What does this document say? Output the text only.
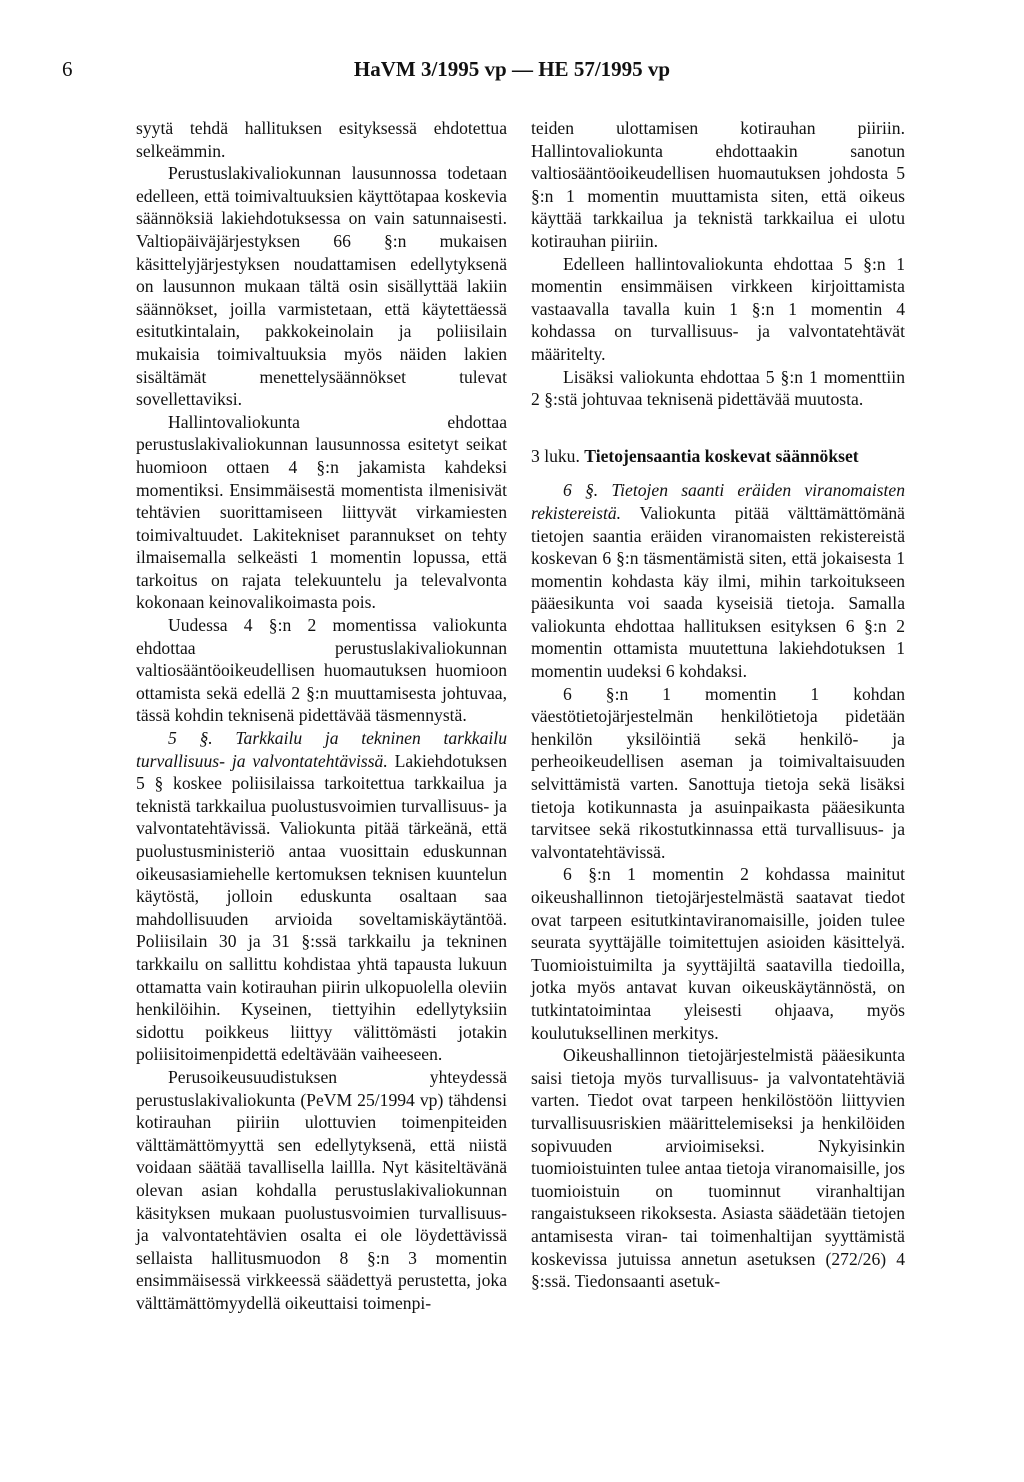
6	HaVM 3/1995 vp — HE 57/1995 vp

syytä tehdä hallituksen esityksessä ehdotettua selkeämmin.

Perustuslakivaliokunnan lausunnossa todetaan edelleen, että toimivaltuuksien käyttötapaa koskevia säännöksiä lakiehdotuksessa on vain satunnaisesti. Valtiopäiväjärjestyksen 66 §:n mukaisen käsittelyjärjestyksen noudattamisen edellytyksenä on lausunnon mukaan tältä osin sisällyttää lakiin säännökset, joilla varmistetaan, että käytettäessä esitutkintalain, pakkokeinolain ja poliisilain mukaisia toimivaltuuksia myös näiden lakien sisältämät menettelysäännökset tulevat sovellettaviksi.

Hallintovaliokunta ehdottaa perustuslakivaliokunnan lausunnossa esitetyt seikat huomioon ottaen 4 §:n jakamista kahdeksi momentiksi. Ensimmäisestä momentista ilmenisivät tehtävien suorittamiseen liittyvät virkamiesten toimivaltuudet. Lakitekniset parannukset on tehty ilmaisemalla selkeästi 1 momentin lopussa, että tarkoitus on rajata telekuuntelu ja televalvonta kokonaan keinovalikoimasta pois.

Uudessa 4 §:n 2 momentissa valiokunta ehdottaa perustuslakivaliokunnan valtiosääntöoikeudellisen huomautuksen huomioon ottamista sekä edellä 2 §:n muuttamisesta johtuvaa, tässä kohdin teknisenä pidettävää täsmennystä.

5 §. Tarkkailu ja tekninen tarkkailu turvallisuus- ja valvontatehtävissä. Lakiehdotuksen 5 § koskee poliisilaissa tarkoitettua tarkkailua ja teknistä tarkkailua puolustusvoimien turvallisuus- ja valvontatehtävissä. Valiokunta pitää tärkeänä, että puolustusministeriö antaa vuosittain eduskunnan oikeusasiamiehelle kertomuksen teknisen kuuntelun käytöstä, jolloin eduskunta osaltaan saa mahdollisuuden arvioida soveltamiskäytäntöä. Poliisilain 30 ja 31 §:ssä tarkkailu ja tekninen tarkkailu on sallittu kohdistaa yhtä tapausta lukuun ottamatta vain kotirauhan piirin ulkopuolella oleviin henkilöihin. Kyseinen, tiettyihin edellytyksiin sidottu poikkeus liittyy välittömästi jotakin poliisitoimenpidettä edeltävään vaiheeseen.

Perusoikeusuudistuksen yhteydessä perustuslakivaliokunta (PeVM 25/1994 vp) tähdensi kotirauhan piiriin ulottuvien toimenpiteiden välttämättömyyttä sen edellytyksenä, että niistä voidaan säätää tavallisella laillla. Nyt käsiteltävänä olevan asian kohdalla perustuslakivaliokunnan käsityksen mukaan puolustusvoimien turvallisuus- ja valvontatehtävien osalta ei ole löydettävissä sellaista hallitusmuodon 8 §:n 3 momentin ensimmäisessä virkkeessä säädettyä perustetta, joka välttämättömyydellä oikeuttaisi toimenpi-

teiden ulottamisen kotirauhan piiriin. Hallintovaliokunta ehdottaakin sanotun valtiosääntöoikeudellisen huomautuksen johdosta 5 §:n 1 momentin muuttamista siten, että oikeus käyttää tarkkailua ja teknistä tarkkailua ei ulotu kotirauhan piiriin.

Edelleen hallintovaliokunta ehdottaa 5 §:n 1 momentin ensimmäisen virkkeen kirjoittamista vastaavalla tavalla kuin 1 §:n 1 momentin 4 kohdassa on turvallisuus- ja valvontatehtävät määritelty.

Lisäksi valiokunta ehdottaa 5 §:n 1 momenttiin 2 §:stä johtuvaa teknisenä pidettävää muutosta.

3 luku. Tietojensaantia koskevat säännökset

6 §. Tietojen saanti eräiden viranomaisten rekistereistä. Valiokunta pitää välttämättömänä tietojen saantia eräiden viranomaisten rekistereistä koskevan 6 §:n täsmentämistä siten, että jokaisesta 1 momentin kohdasta käy ilmi, mihin tarkoitukseen pääesikunta voi saada kyseisiä tietoja. Samalla valiokunta ehdottaa hallituksen esityksen 6 §:n 2 momentin ottamista muutettuna lakiehdotuksen 1 momentin uudeksi 6 kohdaksi.

6 §:n 1 momentin 1 kohdan väestötietojärjestelmän henkilötietoja pidetään henkilön yksilöintiä sekä henkilö- ja perheoikeudellisen aseman ja toimivaltaisuuden selvittämistä varten. Sanottuja tietoja sekä lisäksi tietoja kotikunnasta ja asuinpaikasta pääesikunta tarvitsee sekä rikostutkinnassa että turvallisuus- ja valvontatehtävissä.

6 §:n 1 momentin 2 kohdassa mainitut oikeushallinnon tietojärjestelmästä saatavat tiedot ovat tarpeen esitutkintaviranomaisille, joiden tulee seurata syyttäjälle toimitettujen asioiden käsittelyä. Tuomioistuimilta ja syyttäjiltä saatavilla tiedoilla, jotka myös antavat kuvan oikeuskäytännöstä, on tutkintatoimintaa yleisesti ohjaava, myös koulutuksellinen merkitys.

Oikeushallinnon tietojärjestelmistä pääesikunta saisi tietoja myös turvallisuus- ja valvontatehtäviä varten. Tiedot ovat tarpeen henkilöstöön liittyvien turvallisuusriskien määrittelemiseksi ja henkilöiden sopivuuden arvioimiseksi. Nykyisinkin tuomioistuinten tulee antaa tietoja viranomaisille, jos tuomioistuin on tuominnut viranhaltijan rangaistukseen rikoksesta. Asiasta säädetään tietojen antamisesta viran- tai toimenhaltijan syyttämistä koskevissa jutuissa annetun asetuksen (272/26) 4 §:ssä. Tiedonsaanti asetuk-
